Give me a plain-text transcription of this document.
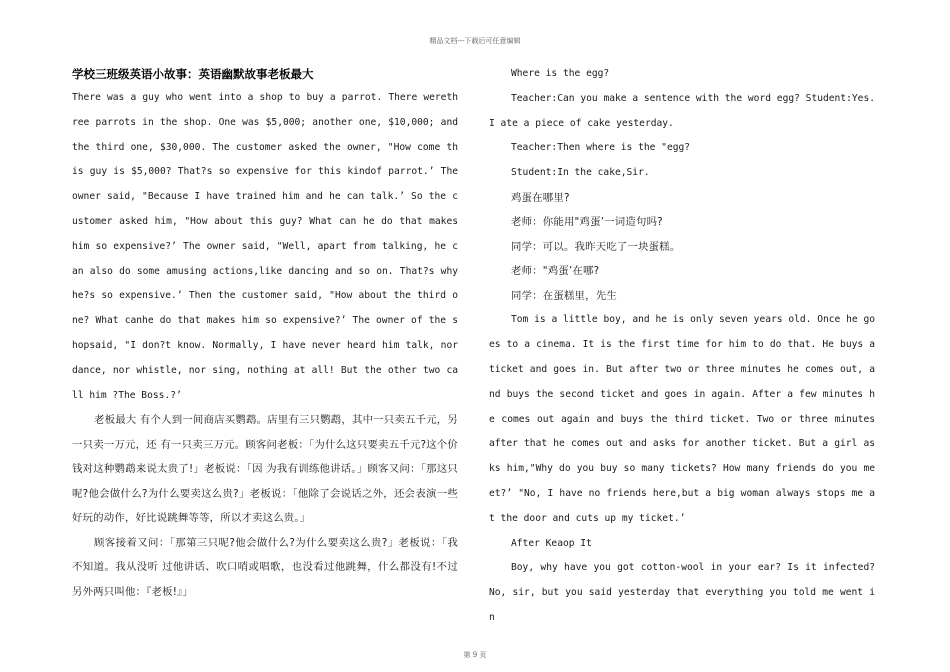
精品文档---下载后可任意编辑
学校三班级英语小故事：英语幽默故事老板最大

There was a guy who went into a shop to buy a parrot. There werethree parrots in the shop. One was $5,000; another one, $10,000; and the third one, $30,000. The customer asked the owner, "How come this guy is $5,000? That?s so expensive for this kindof parrot.’ The owner said, "Because I have trained him and he can talk.’ So the customer asked him, "How about this guy? What can he do that makes him so expensive?’ The owner said, "Well, apart from talking, he can also do some amusing actions,like dancing and so on. That?s why he?s so expensive.’ Then the customer said, "How about the third one? What canhe do that makes him so expensive?’ The owner of the shopsaid, "I don?t know. Normally, I have never heard him talk, nor dance, nor whistle, nor sing, nothing at all! But the other two call him ?The Boss.?’

老板最大 有个人到一间商店买鹦鹉。店里有三只鹦鹉，其中一只卖五千元，另一只卖一万元，还 有一只卖三万元。顾客问老板：「为什么这只要卖五千元?这个价钱对这种鹦鹉来说太贵了!」老板说：「因 为我有训练他讲话。」顾客又问：「那这只呢?他会做什么?为什么要卖这么贵?」老板说：「他除了会说话之外，还会表演一些好玩的动作，好比说跳舞等等，所以才卖这么贵。」

顾客接着又问：「那第三只呢?他会做什么?为什么要卖这么贵?」老板说：「我不知道。我从没听 过他讲话、吹口哨或唱歌，也没看过他跳舞，什么都没有!不过另外两只叫他：『老板!』」

Where is the egg?

Teacher:Can you make a sentence with the word egg? Student:Yes.I ate a piece of cake yesterday.

Teacher:Then where is the "egg?

Student:In the cake,Sir.

鸡蛋在哪里?

老师：你能用"鸡蛋’一词造句吗?

同学：可以。我昨天吃了一块蛋糕。

老师："鸡蛋’在哪?

同学：在蛋糕里，先生

Tom is a little boy, and he is only seven years old. Once he goes to a cinema. It is the first time for him to do that. He buys a ticket and goes in. But after two or three minutes he comes out, and buys the second ticket and goes in again. After a few minutes he comes out again and buys the third ticket. Two or three minutes after that he comes out and asks for another ticket. But a girl asks him,"Why do you buy so many tickets? How many friends do you meet?’ "No, I have no friends here,but a big woman always stops me at the door and cuts up my ticket.’

After Keaop It

Boy, why have you got cotton-wool in your ear? Is it infected? No, sir, but you said yesterday that everything you told me went in

第 9 页
